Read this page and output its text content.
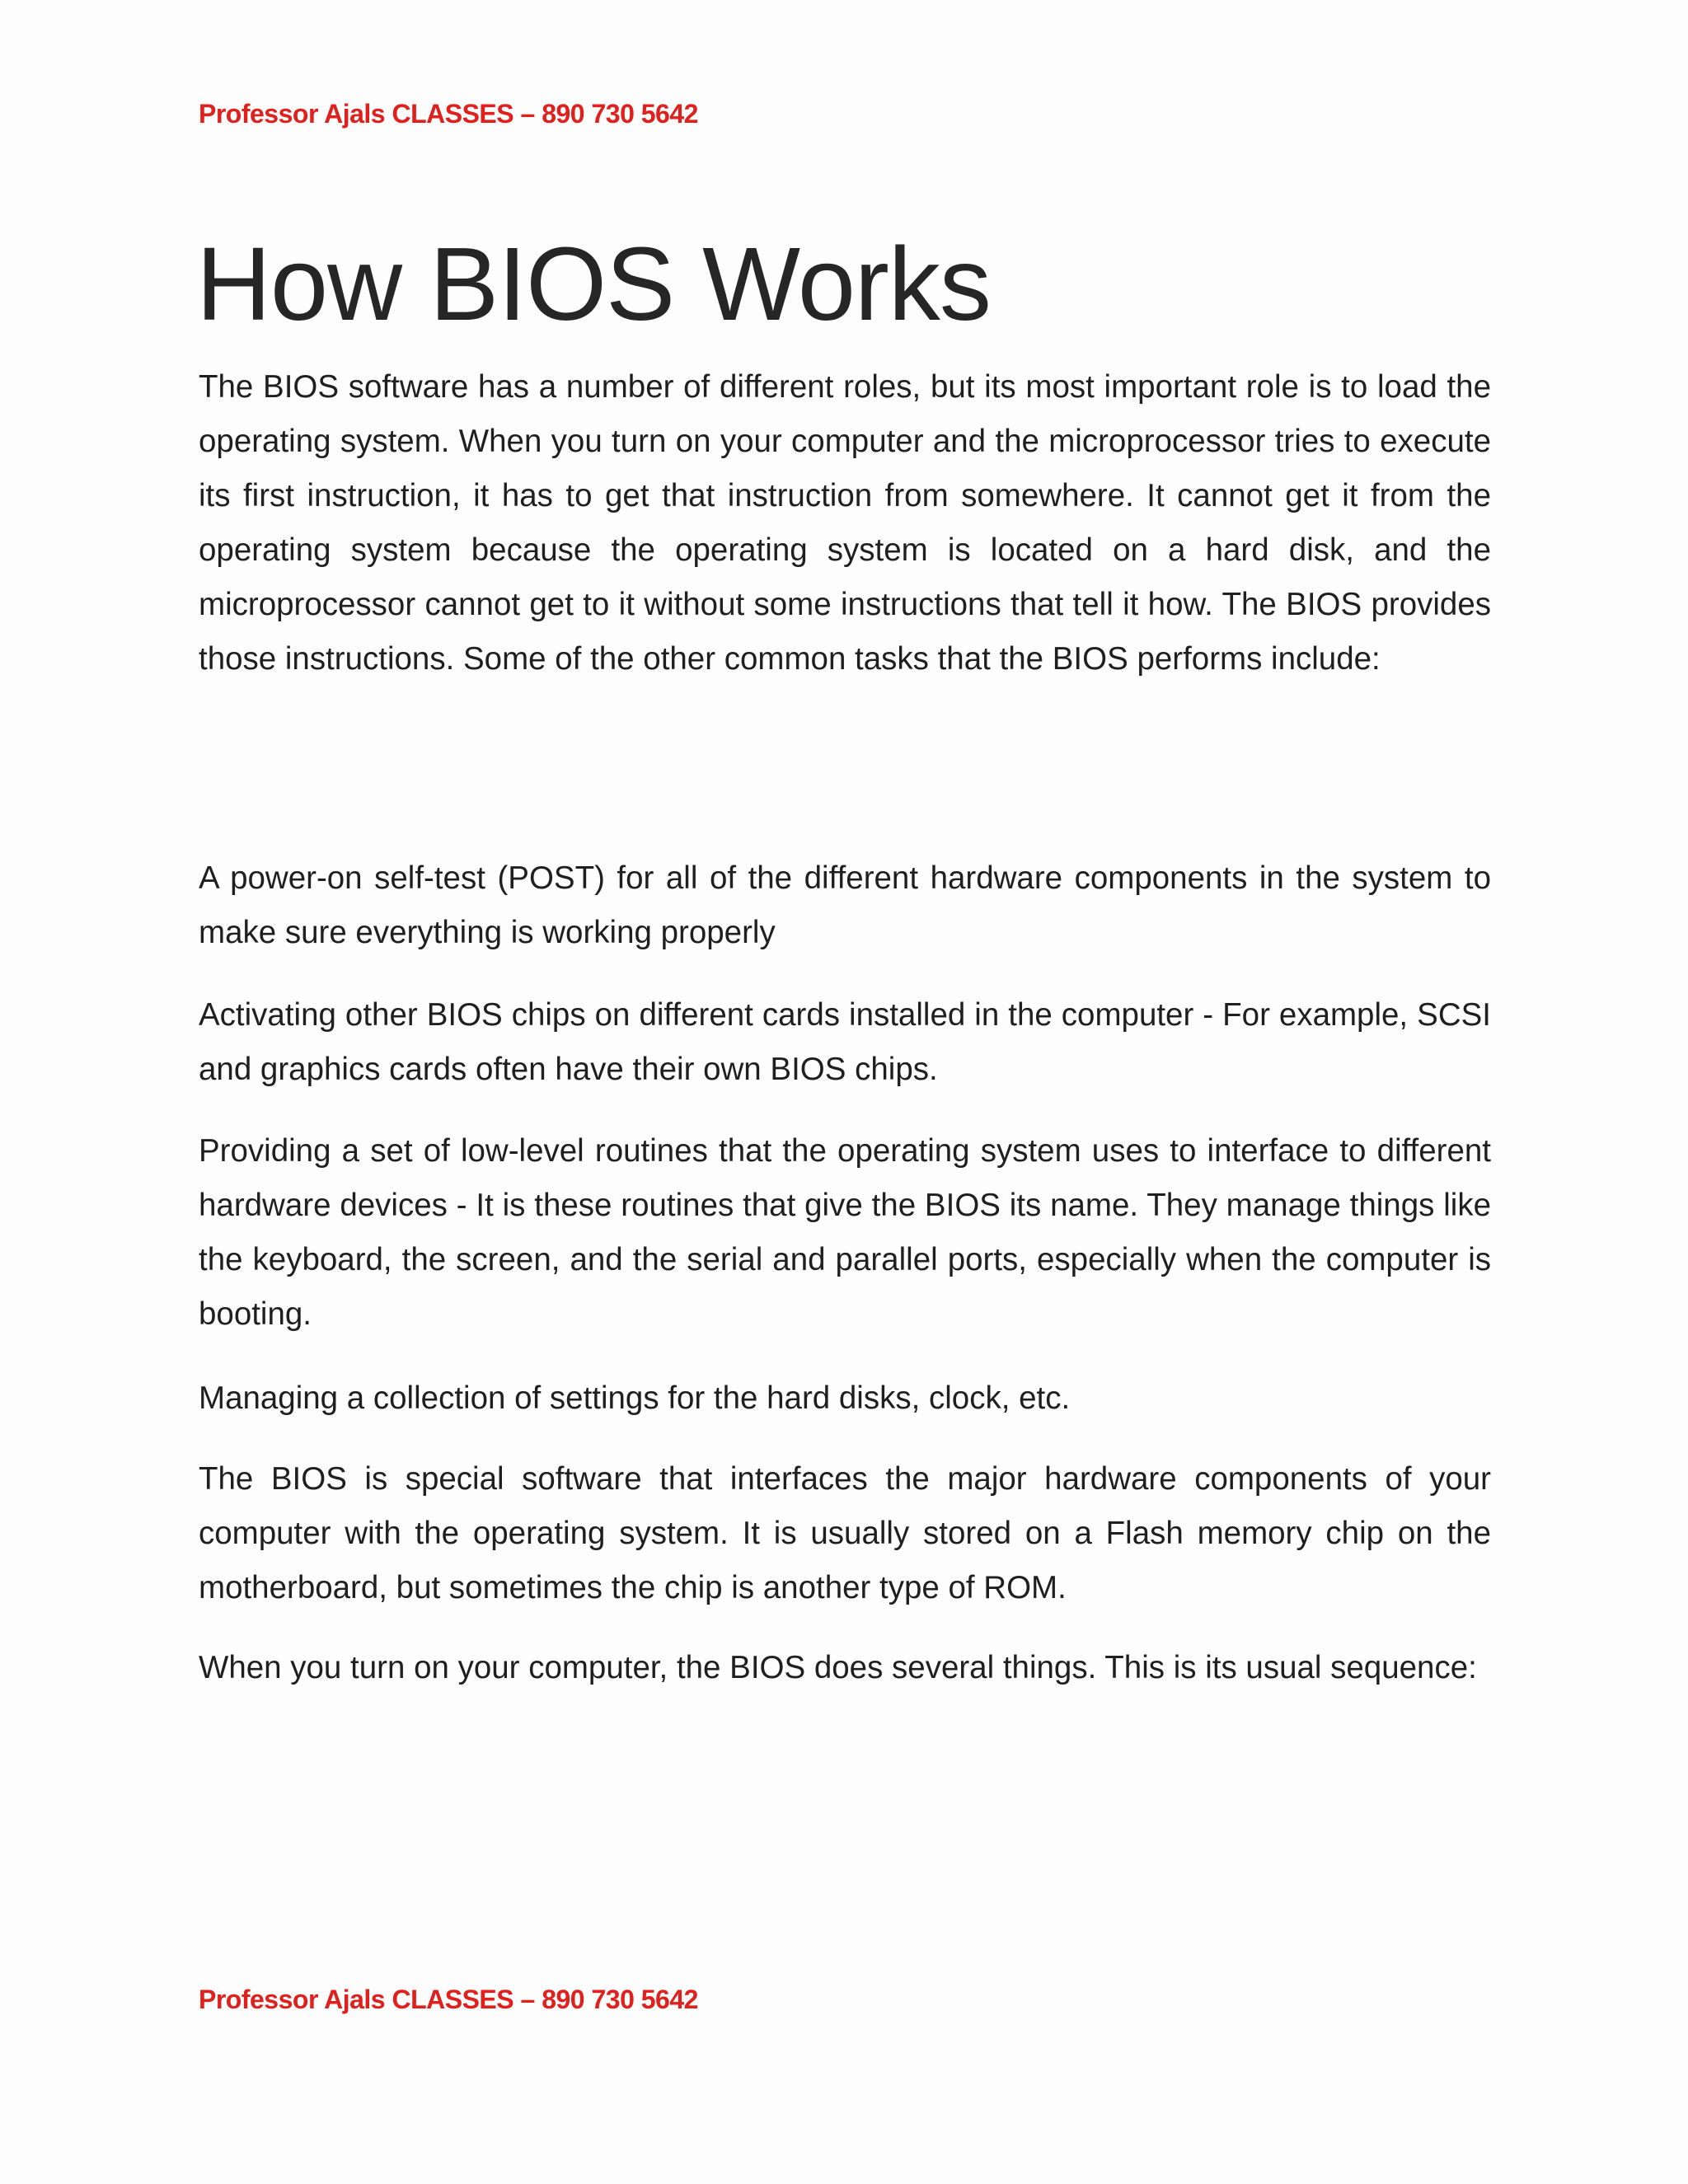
Professor Ajals CLASSES – 890 730 5642
How BIOS Works

The BIOS software has a number of different roles, but its most important role is to load the operating system. When you turn on your computer and the microprocessor tries to execute its first instruction, it has to get that instruction from somewhere. It cannot get it from the operating system because the operating system is located on a hard disk, and the microprocessor cannot get to it without some instructions that tell it how. The BIOS provides those instructions. Some of the other common tasks that the BIOS performs include:

A power-on self-test (POST) for all of the different hardware components in the system to make sure everything is working properly

Activating other BIOS chips on different cards installed in the computer - For example, SCSI and graphics cards often have their own BIOS chips.

Providing a set of low-level routines that the operating system uses to interface to different hardware devices - It is these routines that give the BIOS its name. They manage things like the keyboard, the screen, and the serial and parallel ports, especially when the computer is booting.

Managing a collection of settings for the hard disks, clock, etc.

The BIOS is special software that interfaces the major hardware components of your computer with the operating system. It is usually stored on a Flash memory chip on the motherboard, but sometimes the chip is another type of ROM.

When you turn on your computer, the BIOS does several things. This is its usual sequence:

Professor Ajals CLASSES – 890 730 5642
